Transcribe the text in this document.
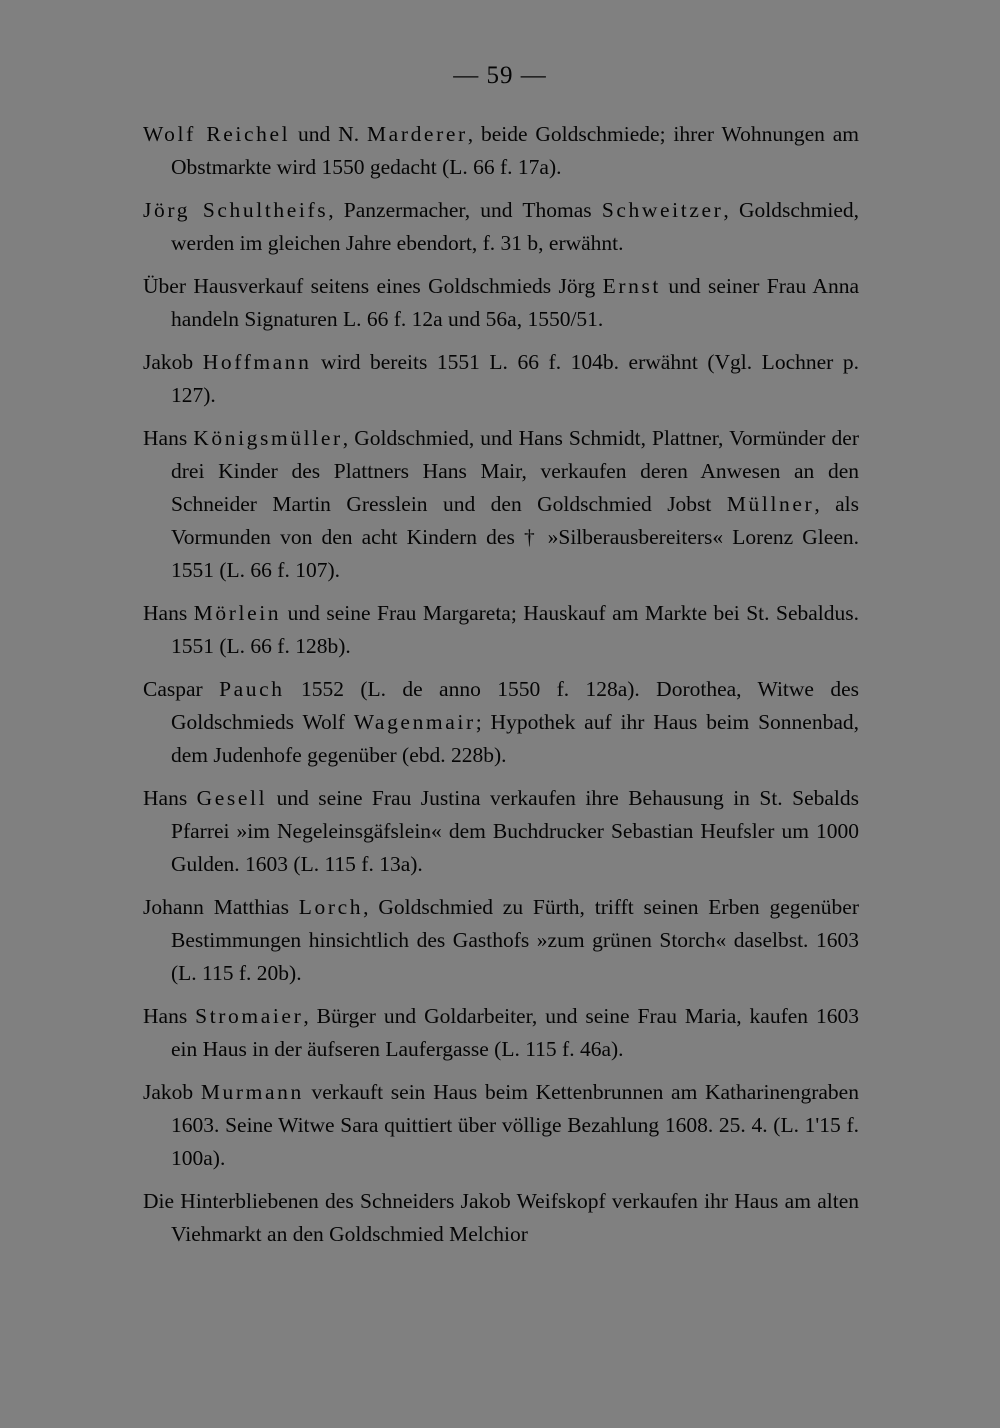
— 59 —

Wolf Reichel und N. Marderer, beide Goldschmiede; ihrer Wohnungen am Obstmarkte wird 1550 gedacht (L. 66 f. 17a).

Jörg Schultheifs, Panzermacher, und Thomas Schweitzer, Goldschmied, werden im gleichen Jahre ebendort, f. 31 b, erwähnt.

Über Hausverkauf seitens eines Goldschmieds Jörg Ernst und seiner Frau Anna handeln Signaturen L. 66 f. 12a und 56a, 1550/51.

Jakob Hoffmann wird bereits 1551 L. 66 f. 104b. erwähnt (Vgl. Lochner p. 127).

Hans Königsmüller, Goldschmied, und Hans Schmidt, Plattner, Vormünder der drei Kinder des Plattners Hans Mair, verkaufen deren Anwesen an den Schneider Martin Gresslein und den Goldschmied Jobst Müllner, als Vormunden von den acht Kindern des † »Silberausbereiters« Lorenz Gleen. 1551 (L. 66 f. 107).

Hans Mörlein und seine Frau Margareta; Hauskauf am Markte bei St. Sebaldus. 1551 (L. 66 f. 128b).

Caspar Pauch 1552 (L. de anno 1550 f. 128a). Dorothea, Witwe des Goldschmieds Wolf Wagenmair; Hypothek auf ihr Haus beim Sonnenbad, dem Judenhofe gegenüber (ebd. 228b).

Hans Gesell und seine Frau Justina verkaufen ihre Behausung in St. Sebalds Pfarrei »im Negeleinsgäfslein« dem Buchdrucker Sebastian Heufsler um 1000 Gulden. 1603 (L. 115 f. 13a).

Johann Matthias Lorch, Goldschmied zu Fürth, trifft seinen Erben gegenüber Bestimmungen hinsichtlich des Gasthofs »zum grünen Storch« daselbst. 1603 (L. 115 f. 20b).

Hans Stromaier, Bürger und Goldarbeiter, und seine Frau Maria, kaufen 1603 ein Haus in der äufseren Laufergasse (L. 115 f. 46a).

Jakob Murmann verkauft sein Haus beim Kettenbrunnen am Katharinengraben 1603. Seine Witwe Sara quittiert über völlige Bezahlung 1608. 25. 4. (L. 1'15 f. 100a).

Die Hinterbliebenen des Schneiders Jakob Weifskopf verkaufen ihr Haus am alten Viehmarkt an den Goldschmied Melchior
